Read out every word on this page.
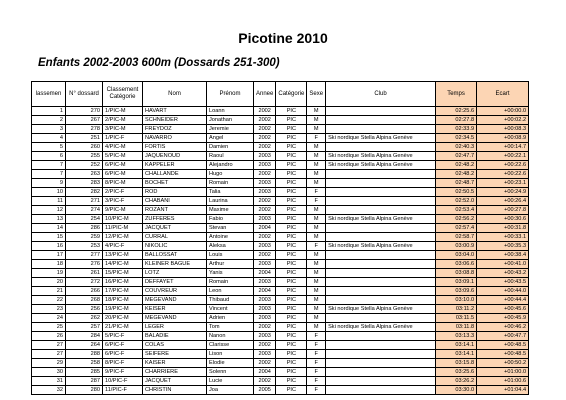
Picotine 2010
Enfants 2002-2003 600m (Dossards 251-300)
lassemen	N° dossard	Classement Catégorie	Nom	Prénom	Annee	Catégorie	Sexe	Club	Temps	Ecart
1	270	1/PIC-M	HAVART	Loann	2002	PIC	M		02:25.6	+00:00.0
2	267	2/PIC-M	SCHNEIDER	Jonathan	2002	PIC	M		02:27.8	+00:02.2
3	278	3/PIC-M	FREYDOZ	Jeremie	2002	PIC	M		02:33.9	+00:08.3
4	251	1/PIC-F	NAVARRO	Angel	2002	PIC	F	Ski nordique Stella Alpina Genève	02:34.5	+00:08.9
5	260	4/PIC-M	FORTIS	Damien	2002	PIC	M		02:40.3	+00:14.7
6	255	5/PIC-M	JAQUENOUD	Raoul	2003	PIC	M	Ski nordique Stella Alpina Genève	02:47.7	+00:22.1
7	252	6/PIC-M	KAPPELER	Alejandro	2003	PIC	M	Ski nordique Stella Alpina Genève	02:48.2	+00:22.6
7	263	6/PIC-M	CHALLANDE	Hugo	2002	PIC	M		02:48.2	+00:22.6
9	283	8/PIC-M	BOCHET	Romain	2003	PIC	M		02:48.7	+00:23.1
10	282	2/PIC-F	ROD	Talia	2003	PIC	F		02:50.5	+00:24.9
11	271	3/PIC-F	CHABANI	Laurina	2002	PIC	F		02:52.0	+00:26.4
12	274	9/PIC-M	ROZANT	Maxime	2002	PIC	M		02:53.4	+00:27.8
13	254	10/PIC-M	ZUFFERES	Fabio	2003	PIC	M	Ski nordique Stella Alpina Genève	02:56.2	+00:30.6
14	286	11/PIC-M	JACQUET	Stevan	2004	PIC	M		02:57.4	+00:31.8
15	259	12/PIC-M	CURRAL	Antoine	2002	PIC	M		02:58.7	+00:33.1
16	253	4/PIC-F	NIKOLIC	Aleksa	2003	PIC	F	Ski nordique Stella Alpina Genève	03:00.9	+00:35.3
17	277	13/PIC-M	BALLOSSAT	Louis	2002	PIC	M		03:04.0	+00:38.4
18	276	14/PIC-M	KLEINER BAGUE	Arthur	2003	PIC	M		03:06.6	+00:41.0
19	261	15/PIC-M	LOTZ	Yanis	2004	PIC	M		03:08.8	+00:43.2
20	272	16/PIC-M	DEFFAYET	Romain	2003	PIC	M		03:09.1	+00:43.5
21	266	17/PIC-M	COUVREUR	Leon	2004	PIC	M		03:09.6	+00:44.0
22	268	18/PIC-M	MEGEVAND	Thibaud	2003	PIC	M		03:10.0	+00:44.4
23	256	19/PIC-M	KEISER	Vincent	2003	PIC	M	Ski nordique Stella Alpina Genève	03:11.2	+00:45.6
24	262	20/PIC-M	MEGEVAND	Adrien	2003	PIC	M		03:11.5	+00:45.9
25	257	21/PIC-M	LEGER	Tom	2002	PIC	M	Ski nordique Stella Alpina Genève	03:11.8	+00:46.2
26	284	5/PIC-F	BALADIE	Nanon	2003	PIC	F		03:13.3	+00:47.7
27	264	6/PIC-F	COLAS	Clarisse	2002	PIC	F		03:14.1	+00:48.5
27	288	6/PIC-F	SEIFERE	Lison	2003	PIC	F		03:14.1	+00:48.5
29	258	8/PIC-F	KAISER	Elodie	2002	PIC	F		03:15.8	+00:50.2
30	285	9/PIC-F	CHARRIERE	Solenn	2004	PIC	F		03:25.6	+01:00.0
31	287	10/PIC-F	JACQUET	Lucie	2002	PIC	F		03:26.2	+01:00.6
32	280	11/PIC-F	CHRISTIN	Joa	2005	PIC	F		03:30.0	+01:04.4
